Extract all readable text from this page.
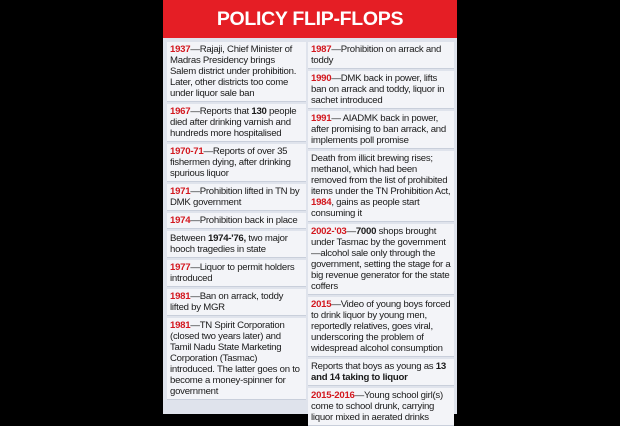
POLICY FLIP-FLOPS
1937—Rajaji, Chief Minister of Madras Presidency brings Salem district under prohibition. Later, other districts too come under liquor sale ban
1967—Reports that 130 people died after drinking varnish and hundreds more hospitalised
1970-71—Reports of over 35 fishermen dying, after drinking spurious liquor
1971—Prohibition lifted in TN by DMK government
1974—Prohibition back in place
Between 1974-'76, two major hooch tragedies in state
1977—Liquor to permit holders introduced
1981—Ban on arrack, toddy lifted by MGR
1981—TN Spirit Corporation (closed two years later) and Tamil Nadu State Marketing Corporation (Tasmac) introduced. The latter goes on to become a money-spinner for government
1987—Prohibition on arrack and toddy
1990—DMK back in power, lifts ban on arrack and toddy, liquor in sachet introduced
1991— AIADMK back in power, after promising to ban arrack, and implements poll promise
Death from illicit brewing rises; methanol, which had been removed from the list of prohibited items under the TN Prohibition Act, 1984, gains as people start consuming it
2002-'03—7000 shops brought under Tasmac by the government—alcohol sale only through the government, setting the stage for a big revenue generator for the state coffers
2015—Video of young boys forced to drink liquor by young men, reportedly relatives, goes viral, underscoring the problem of widespread alcohol consumption
Reports that boys as young as 13 and 14 taking to liquor
2015-2016—Young school girl(s) come to school drunk, carrying liquor mixed in aerated drinks
